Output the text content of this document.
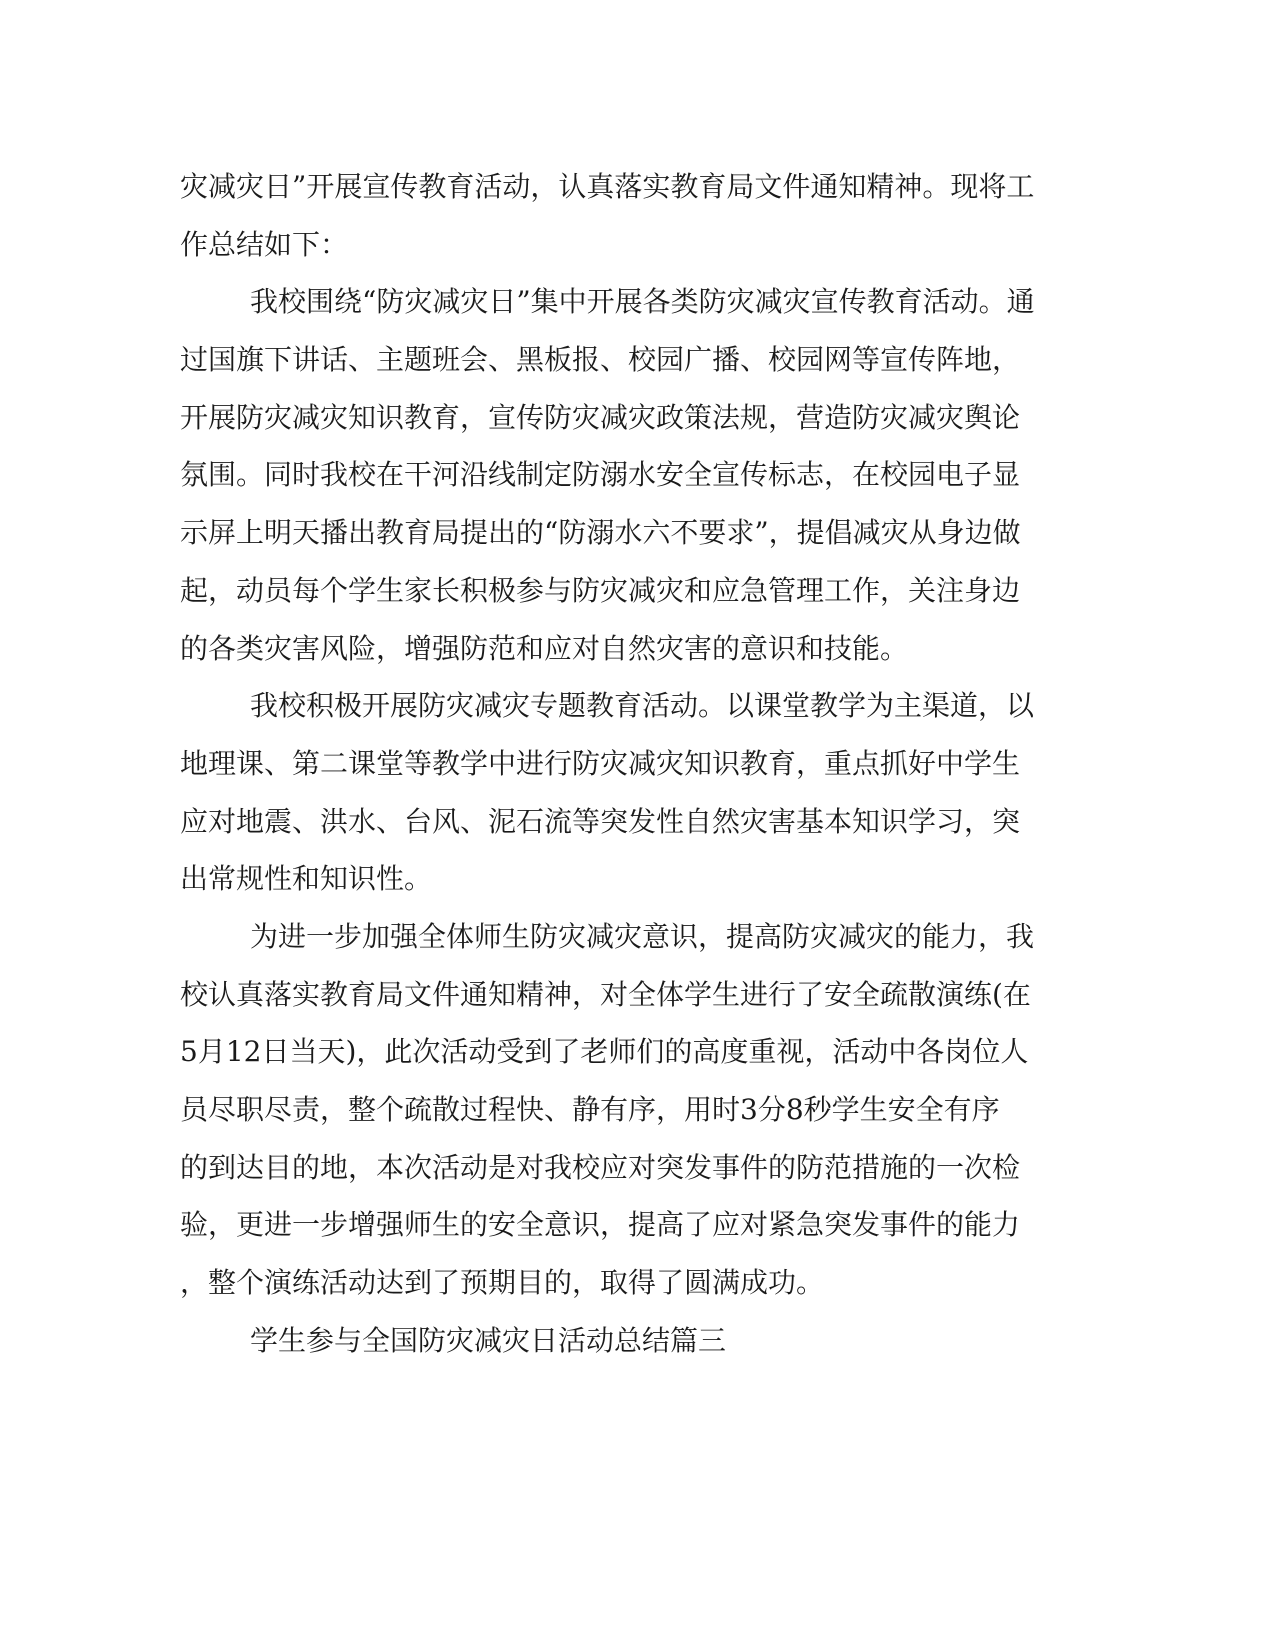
灾减灾日”开展宣传教育活动，认真落实教育局文件通知精神。现将工
作总结如下：
我校围绕“防灾减灾日”集中开展各类防灾减灾宣传教育活动。通
过国旗下讲话、主题班会、黑板报、校园广播、校园网等宣传阵地，
开展防灾减灾知识教育，宣传防灾减灾政策法规，营造防灾减灾舆论
氛围。同时我校在干河沿线制定防溺水安全宣传标志，在校园电子显
示屏上明天播出教育局提出的“防溺水六不要求”，提倡减灾从身边做
起，动员每个学生家长积极参与防灾减灾和应急管理工作，关注身边
的各类灾害风险，增强防范和应对自然灾害的意识和技能。
我校积极开展防灾减灾专题教育活动。以课堂教学为主渠道，以
地理课、第二课堂等教学中进行防灾减灾知识教育，重点抓好中学生
应对地震、洪水、台风、泥石流等突发性自然灾害基本知识学习，突
出常规性和知识性。
为进一步加强全体师生防灾减灾意识，提高防灾减灾的能力，我
校认真落实教育局文件通知精神，对全体学生进行了安全疏散演练(在
5月12日当天)，此次活动受到了老师们的高度重视，活动中各岗位人
员尽职尽责，整个疏散过程快、静有序，用时3分8秒学生安全有序
的到达目的地，本次活动是对我校应对突发事件的防范措施的一次检
验，更进一步增强师生的安全意识，提高了应对紧急突发事件的能力
，整个演练活动达到了预期目的，取得了圆满成功。
学生参与全国防灾减灾日活动总结篇三
